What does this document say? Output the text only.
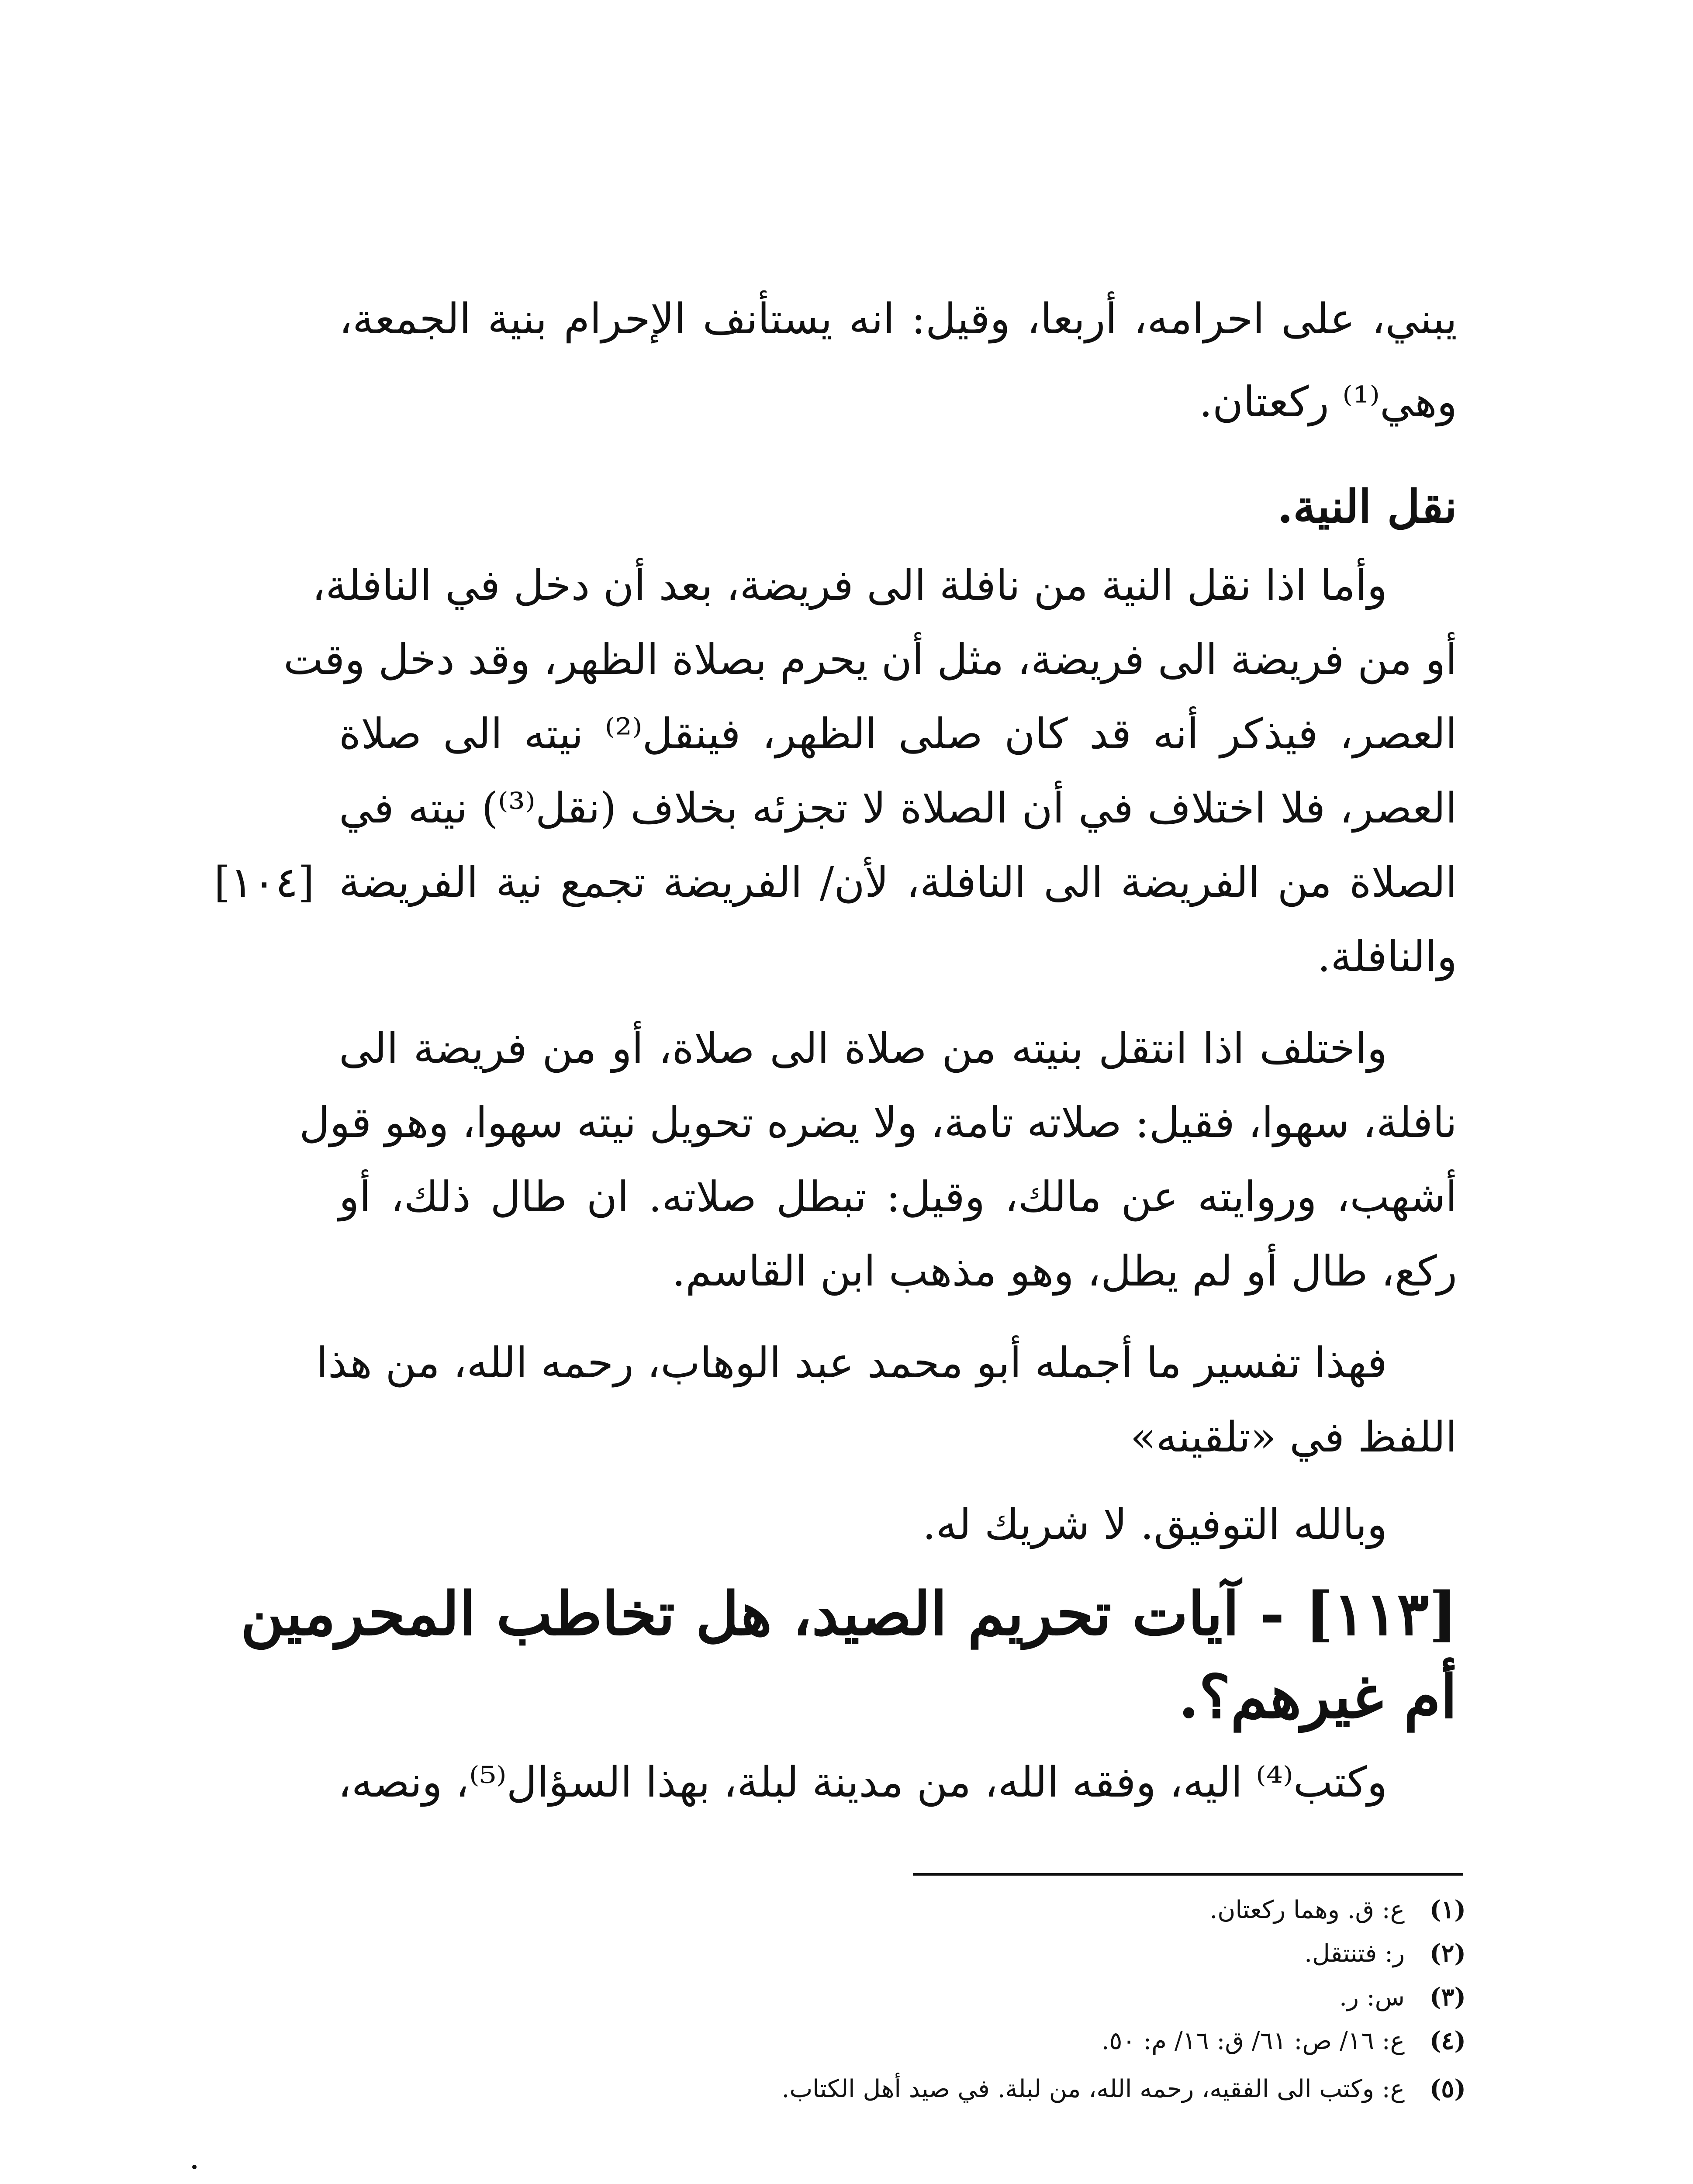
يبني، على احرامه، أربعا، وقيل: انه يستأنف الإحرام بنية الجمعة،
وهي⁽¹⁾ ركعتان.
نقل النية.
وأما اذا نقل النية من نافلة الى فريضة، بعد أن دخل في النافلة،
أو من فريضة الى فريضة، مثل أن يحرم بصلاة الظهر، وقد دخل وقت
العصر، فيذكر أنه قد كان صلى الظهر، فينقل⁽²⁾ نيته الى صلاة
العصر، فلا اختلاف في أن الصلاة لا تجزئه بخلاف (نقل⁽³⁾) نيته في
الصلاة من الفريضة الى النافلة، لأن/ الفريضة تجمع نية الفريضة
[١٠٤]
والنافلة.
واختلف اذا انتقل بنيته من صلاة الى صلاة، أو من فريضة الى
نافلة، سهوا، فقيل: صلاته تامة، ولا يضره تحويل نيته سهوا، وهو قول
أشهب، وروايته عن مالك، وقيل: تبطل صلاته. ان طال ذلك، أو
ركع، طال أو لم يطل، وهو مذهب ابن القاسم.
فهذا تفسير ما أجمله أبو محمد عبد الوهاب، رحمه الله، من هذا
اللفظ في «تلقينه»
وبالله التوفيق. لا شريك له.
[١١٣] - آيات تحريم الصيد، هل تخاطب المحرمين
أم غيرهم؟.
وكتب⁽⁴⁾ اليه، وفقه الله، من مدينة لبلة، بهذا السؤال⁽⁵⁾، ونصه،
(١)ع: ق. وهما ركعتان.
(٢)ر: فتنتقل.
(٣)س: ر.
(٤)ع: ١٦/ ص: ٦١/ ق: ١٦/ م: ٥٠.
(٥)ع: وكتب الى الفقيه، رحمه الله، من لبلة. في صيد أهل الكتاب.
